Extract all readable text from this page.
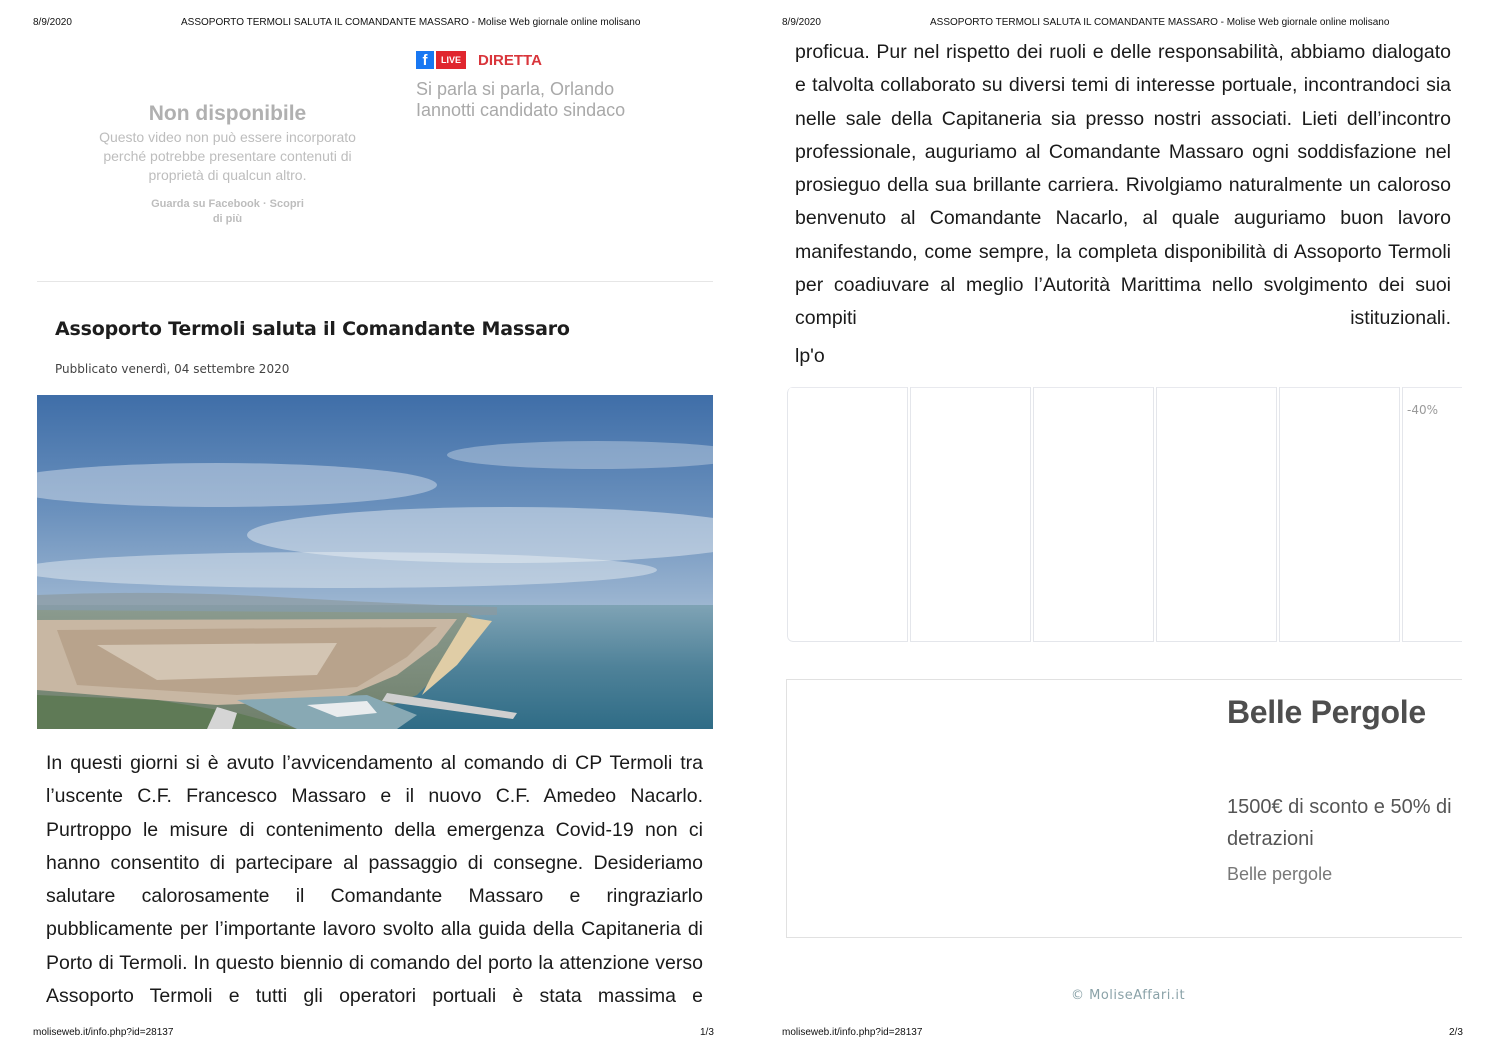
8/9/2020	ASSOPORTO TERMOLI SALUTA IL COMANDANTE MASSARO - Molise Web giornale online molisano
Non disponibile
Questo video non può essere incorporato perché potrebbe presentare contenuti di proprietà di qualcun altro.
Guarda su Facebook · Scopri di più
f	LIVE	DIRETTA
Si parla si parla, Orlando Iannotti candidato sindaco
Assoporto Termoli saluta il Comandante Massaro
Pubblicato venerdì, 04 settembre 2020
In questi giorni si è avuto l’avvicendamento al comando di CP Termoli tra l’uscente C.F. Francesco Massaro e il nuovo C.F. Amedeo Nacarlo. Purtroppo le misure di contenimento della emergenza Covid-19 non ci hanno consentito di partecipare al passaggio di consegne. Desideriamo salutare calorosamente il Comandante Massaro e ringraziarlo pubblicamente per l’importante lavoro svolto alla guida della Capitaneria di Porto di Termoli. In questo biennio di comando del porto la attenzione verso Assoporto Termoli e tutti gli operatori portuali è stata massima e
moliseweb.it/info.php?id=28137	1/3
8/9/2020	ASSOPORTO TERMOLI SALUTA IL COMANDANTE MASSARO - Molise Web giornale online molisano
proficua. Pur nel rispetto dei ruoli e delle responsabilità, abbiamo dialogato e talvolta collaborato su diversi temi di interesse portuale, incontrandoci sia nelle sale della Capitaneria sia presso nostri associati. Lieti dell’incontro professionale, auguriamo al Comandante Massaro ogni soddisfazione nel prosieguo della sua brillante carriera. Rivolgiamo naturalmente un caloroso benvenuto al Comandante Nacarlo, al quale auguriamo buon lavoro manifestando, come sempre, la completa disponibilità di Assoporto Termoli per coadiuvare al meglio l’Autorità Marittima nello svolgimento dei suoi compiti istituzionali.
lp'o
-40%
Belle Pergole
1500€ di sconto e 50% di detrazioni
Belle pergole
© MoliseAffari.it
moliseweb.it/info.php?id=28137	2/3
